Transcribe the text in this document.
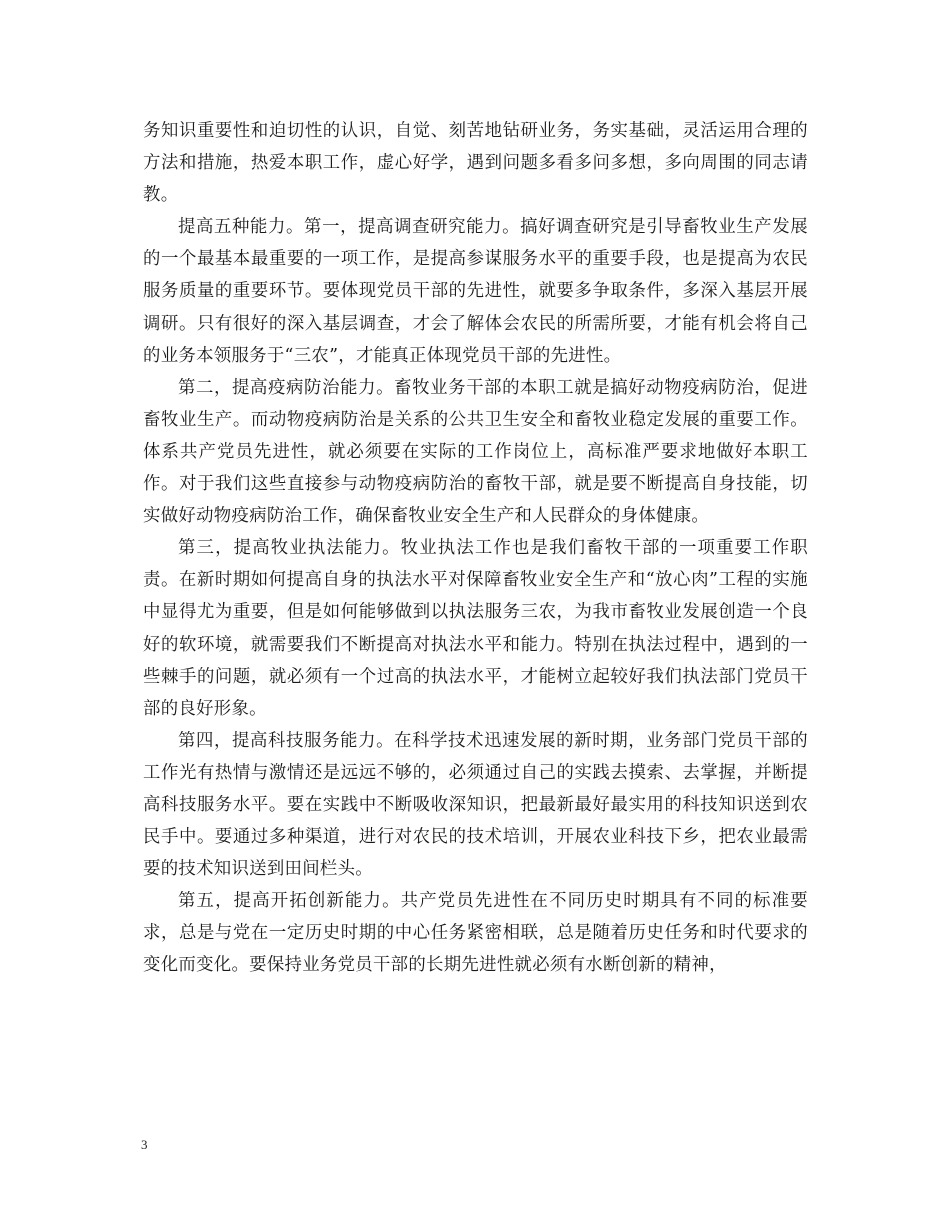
务知识重要性和迫切性的认识，自觉、刻苦地钻研业务，务实基础，灵活运用合理的方法和措施，热爱本职工作，虚心好学，遇到问题多看多问多想，多向周围的同志请教。

提高五种能力。第一，提高调查研究能力。搞好调查研究是引导畜牧业生产发展的一个最基本最重要的一项工作，是提高参谋服务水平的重要手段，也是提高为农民服务质量的重要环节。要体现党员干部的先进性，就要多争取条件，多深入基层开展调研。只有很好的深入基层调查，才会了解体会农民的所需所要，才能有机会将自己的业务本领服务于“三农”，才能真正体现党员干部的先进性。

第二，提高疫病防治能力。畜牧业务干部的本职工就是搞好动物疫病防治，促进畜牧业生产。而动物疫病防治是关系的公共卫生安全和畜牧业稳定发展的重要工作。体系共产党员先进性，就必须要在实际的工作岗位上，高标准严要求地做好本职工作。对于我们这些直接参与动物疫病防治的畜牧干部，就是要不断提高自身技能，切实做好动物疫病防治工作，确保畜牧业安全生产和人民群众的身体健康。

第三，提高牧业执法能力。牧业执法工作也是我们畜牧干部的一项重要工作职责。在新时期如何提高自身的执法水平对保障畜牧业安全生产和“放心肉”工程的实施中显得尤为重要，但是如何能够做到以执法服务三农，为我市畜牧业发展创造一个良好的软环境，就需要我们不断提高对执法水平和能力。特别在执法过程中，遇到的一些棘手的问题，就必须有一个过高的执法水平，才能树立起较好我们执法部门党员干部的良好形象。

第四，提高科技服务能力。在科学技术迅速发展的新时期，业务部门党员干部的工作光有热情与激情还是远远不够的，必须通过自己的实践去摸索、去掌握，并断提高科技服务水平。要在实践中不断吸收深知识，把最新最好最实用的科技知识送到农民手中。要通过多种渠道，进行对农民的技术培训，开展农业科技下乡，把农业最需要的技术知识送到田间栏头。

第五，提高开拓创新能力。共产党员先进性在不同历史时期具有不同的标准要求，总是与党在一定历史时期的中心任务紧密相联，总是随着历史任务和时代要求的变化而变化。要保持业务党员干部的长期先进性就必须有水断创新的精神，

3
